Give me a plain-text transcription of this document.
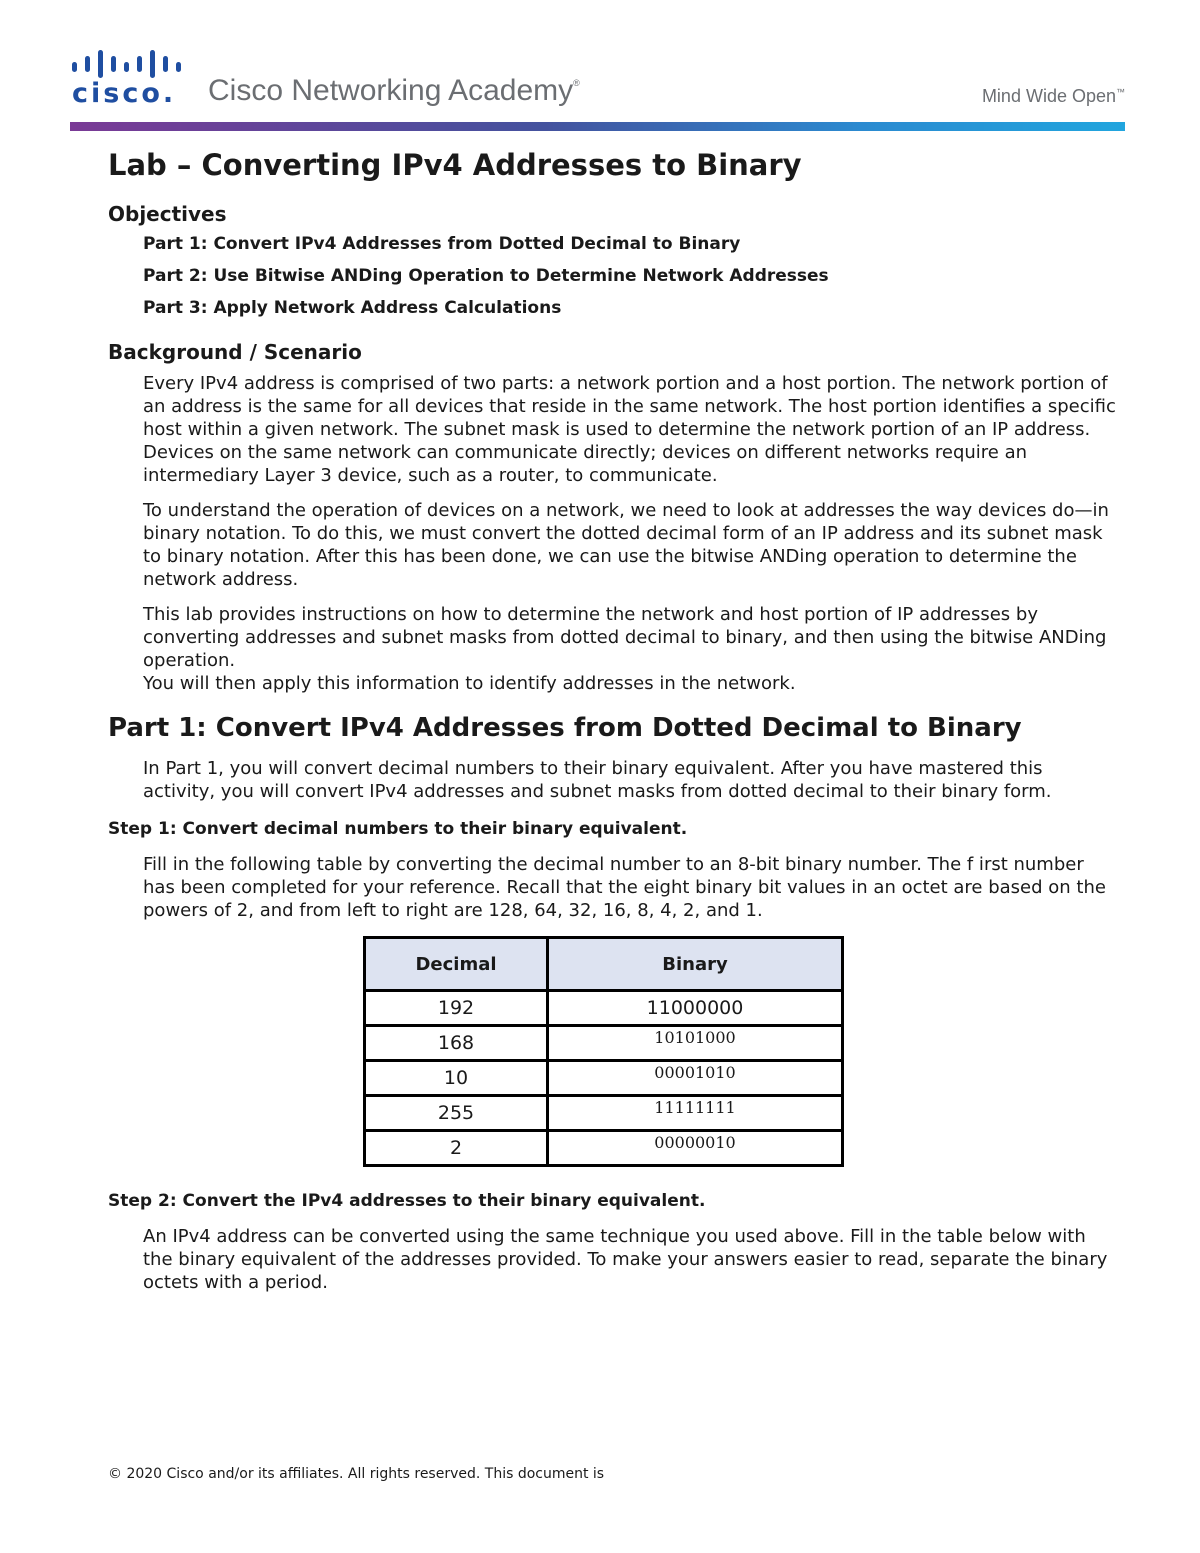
cisco. Cisco Networking Academy®
Mind Wide Open™
Lab – Converting IPv4 Addresses to Binary
Objectives
Part 1: Convert IPv4 Addresses from Dotted Decimal to Binary
Part 2: Use Bitwise ANDing Operation to Determine Network Addresses
Part 3: Apply Network Address Calculations
Background / Scenario

Every IPv4 address is comprised of two parts: a network portion and a host portion. The network portion of an address is the same for all devices that reside in the same network. The host portion identifies a specific host within a given network. The subnet mask is used to determine the network portion of an IP address. Devices on the same network can communicate directly; devices on different networks require an intermediary Layer 3 device, such as a router, to communicate.

To understand the operation of devices on a network, we need to look at addresses the way devices do—in binary notation. To do this, we must convert the dotted decimal form of an IP address and its subnet mask to binary notation. After this has been done, we can use the bitwise ANDing operation to determine the network address.

This lab provides instructions on how to determine the network and host portion of IP addresses by converting addresses and subnet masks from dotted decimal to binary, and then using the bitwise ANDing operation.

You will then apply this information to identify addresses in the network.

Part 1: Convert IPv4 Addresses from Dotted Decimal to Binary

In Part 1, you will convert decimal numbers to their binary equivalent. After you have mastered this activity, you will convert IPv4 addresses and subnet masks from dotted decimal to their binary form.

Step 1: Convert decimal numbers to their binary equivalent.

Fill in the following table by converting the decimal number to an 8-bit binary number. The f irst number has been completed for your reference. Recall that the eight binary bit values in an octet are based on the powers of 2, and from left to right are 128, 64, 32, 16, 8, 4, 2, and 1.

Decimal	Binary
192	11000000
168	10101000
10	00001010
255	11111111
2	00000010
Step 2: Convert the IPv4 addresses to their binary equivalent.

An IPv4 address can be converted using the same technique you used above. Fill in the table below with the binary equivalent of the addresses provided. To make your answers easier to read, separate the binary octets with a period.

© 2020 Cisco and/or its affiliates. All rights reserved. This document is
